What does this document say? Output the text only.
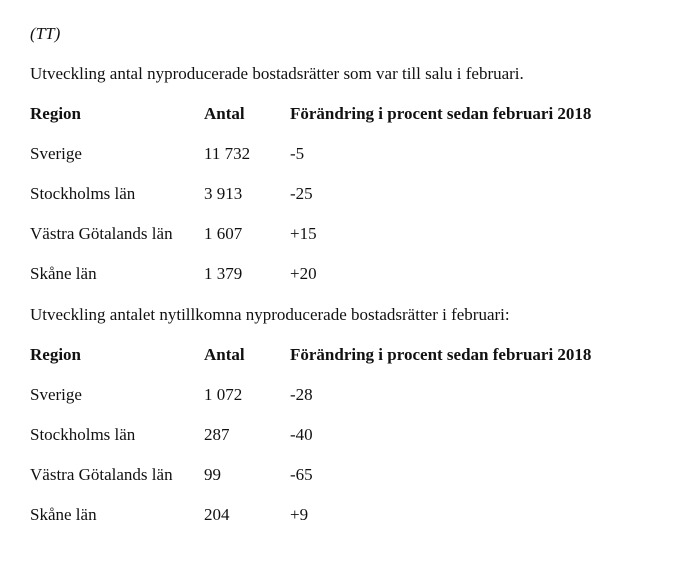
(TT)
Utveckling antal nyproducerade bostadsrätter som var till salu i februari.
Region	Antal	Förändring i procent sedan februari 2018
Sverige	11 732 -5
Stockholms län	3 913	-25
Västra Götalands län 1 607	+15
Skåne län	1 379	+20
Utveckling antalet nytillkomna nyproducerade bostadsrätter i februari:
Region	Antal	Förändring i procent sedan februari 2018
Sverige	1 072	-28
Stockholms län	287	-40
Västra Götalands län 99	-65
Skåne län	204	+9
